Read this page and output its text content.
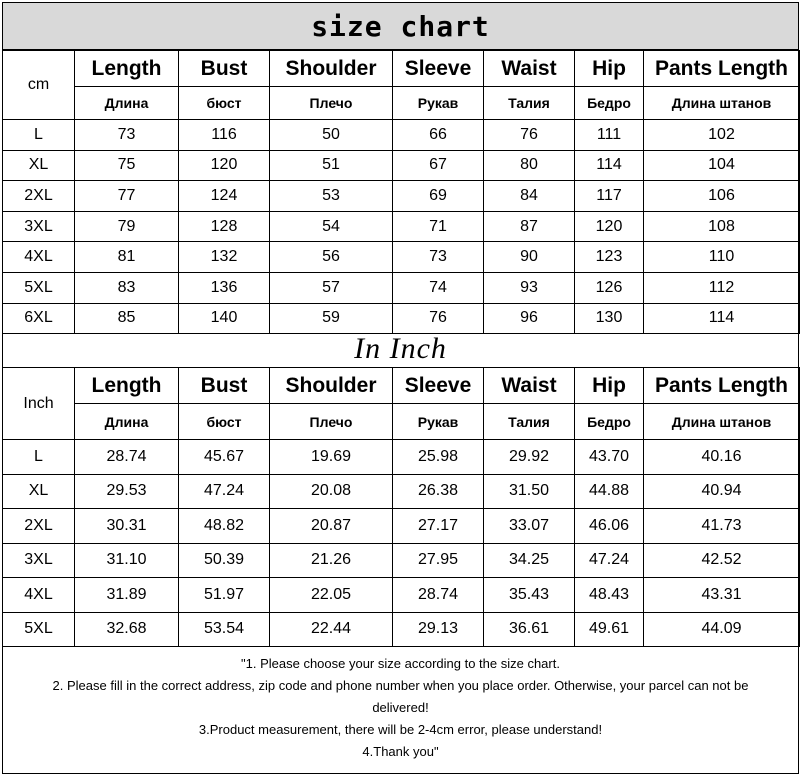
size chart
cm	Length	Bust	Shoulder	Sleeve	Waist	Hip	Pants Length
	Длина	бюст	Плечо	Рукав	Талия	Бедро	Длина штанов
L	73	116	50	66	76	111	102
XL	75	120	51	67	80	114	104
2XL	77	124	53	69	84	117	106
3XL	79	128	54	71	87	120	108
4XL	81	132	56	73	90	123	110
5XL	83	136	57	74	93	126	112
6XL	85	140	59	76	96	130	114
In Inch
Inch	Length	Bust	Shoulder	Sleeve	Waist	Hip	Pants Length
	Длина	бюст	Плечо	Рукав	Талия	Бедро	Длина штанов
L	28.74	45.67	19.69	25.98	29.92	43.70	40.16
XL	29.53	47.24	20.08	26.38	31.50	44.88	40.94
2XL	30.31	48.82	20.87	27.17	33.07	46.06	41.73
3XL	31.10	50.39	21.26	27.95	34.25	47.24	42.52
4XL	31.89	51.97	22.05	28.74	35.43	48.43	43.31
5XL	32.68	53.54	22.44	29.13	36.61	49.61	44.09
"1. Please choose your size according to the size chart.
2. Please fill in the correct address, zip code and phone number when you place order. Otherwise, your parcel can not be delivered!
3.Product measurement, there will be 2-4cm error, please understand!
4.Thank you"
